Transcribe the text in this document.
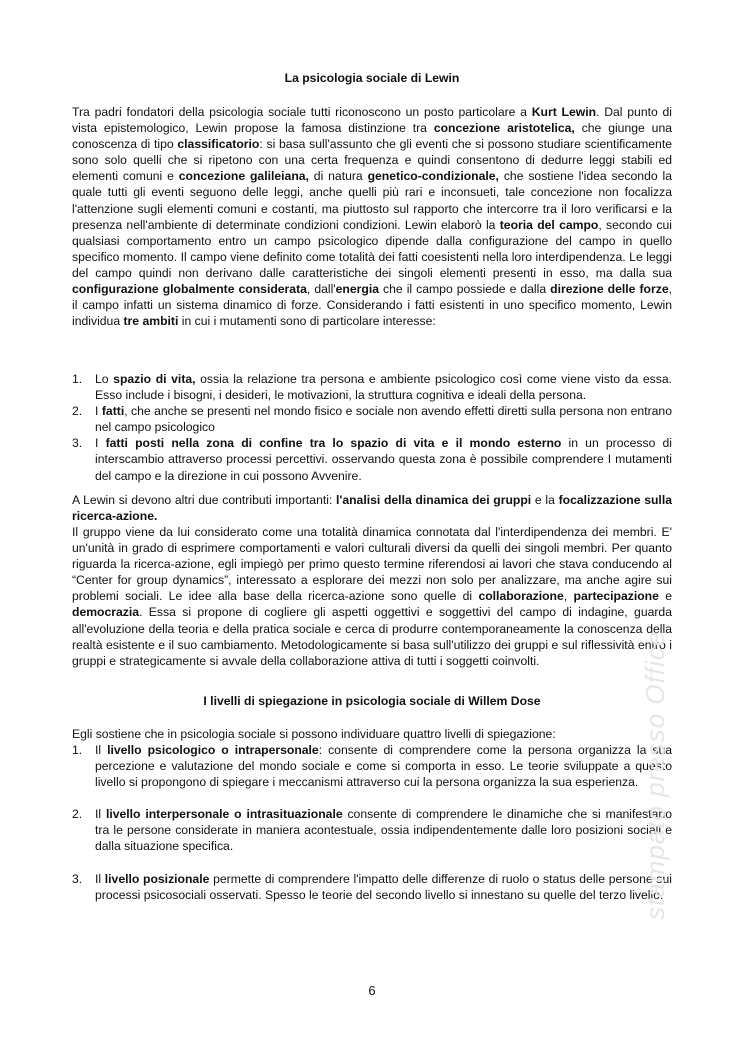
La psicologia sociale di Lewin
Tra padri fondatori della psicologia sociale tutti riconoscono un posto particolare a Kurt Lewin. Dal punto di vista epistemologico, Lewin propose la famosa distinzione tra concezione aristotelica, che giunge una conoscenza di tipo classificatorio: si basa sull'assunto che gli eventi che si possono studiare scientificamente sono solo quelli che si ripetono con una certa frequenza e quindi consentono di dedurre leggi stabili ed elementi comuni e concezione galileiana, di natura genetico-condizionale, che sostiene l'idea secondo la quale tutti gli eventi seguono delle leggi, anche quelli più rari e inconsueti, tale concezione non focalizza l'attenzione sugli elementi comuni e costanti, ma piuttosto sul rapporto che intercorre tra il loro verificarsi e la presenza nell'ambiente di determinate condizioni condizioni. Lewin elaborò la teoria del campo, secondo cui qualsiasi comportamento entro un campo psicologico dipende dalla configurazione del campo in quello specifico momento. Il campo viene definito come totalità dei fatti coesistenti nella loro interdipendenza. Le leggi del campo quindi non derivano dalle caratteristiche dei singoli elementi presenti in esso, ma dalla sua configurazione globalmente considerata, dall'energia che il campo possiede e dalla direzione delle forze, il campo infatti un sistema dinamico di forze. Considerando i fatti esistenti in uno specifico momento, Lewin individua tre ambiti in cui i mutamenti sono di particolare interesse:
1. Lo spazio di vita, ossia la relazione tra persona e ambiente psicologico così come viene visto da essa. Esso include i bisogni, i desideri, le motivazioni, la struttura cognitiva e ideali della persona.
2. I fatti, che anche se presenti nel mondo fisico e sociale non avendo effetti diretti sulla persona non entrano nel campo psicologico
3. I fatti posti nella zona di confine tra lo spazio di vita e il mondo esterno in un processo di interscambio attraverso processi percettivi. osservando questa zona è possibile comprendere I mutamenti del campo e la direzione in cui possono Avvenire.
A Lewin si devono altri due contributi importanti: l'analisi della dinamica dei gruppi e la focalizzazione sulla ricerca-azione.
Il gruppo viene da lui considerato come una totalità dinamica connotata dal l'interdipendenza dei membri. E' un'unità in grado di esprimere comportamenti e valori culturali diversi da quelli dei singoli membri. Per quanto riguarda la ricerca-azione, egli impiegò per primo questo termine riferendosi ai lavori che stava conducendo al “Center for group dynamics”, interessato a esplorare dei mezzi non solo per analizzare, ma anche agire sui problemi sociali. Le idee alla base della ricerca-azione sono quelle di collaborazione, partecipazione e democrazia. Essa si propone di cogliere gli aspetti oggettivi e soggettivi del campo di indagine, guarda all'evoluzione della teoria e della pratica sociale e cerca di produrre contemporaneamente la conoscenza della realtà esistente e il suo cambiamento. Metodologicamente si basa sull'utilizzo dei gruppi e sul riflessività entro i gruppi e strategicamente si avvale della collaborazione attiva di tutti i soggetti coinvolti.
I livelli di spiegazione in psicologia sociale di Willem Dose
Egli sostiene che in psicologia sociale si possono individuare quattro livelli di spiegazione:
1. Il livello psicologico o intrapersonale: consente di comprendere come la persona organizza la sua percezione e valutazione del mondo sociale e come si comporta in esso. Le teorie sviluppate a questo livello si propongono di spiegare i meccanismi attraverso cui la persona organizza la sua esperienza.
2. Il livello interpersonale o intrasituazionale consente di comprendere le dinamiche che si manifestano tra le persone considerate in maniera acontestuale, ossia indipendentemente dalle loro posizioni sociali e dalla situazione specifica.
3. Il livello posizionale permette di comprendere l'impatto delle differenze di ruolo o status delle persone sui processi psicosociali osservati. Spesso le teorie del secondo livello si innestano su quelle del terzo livello.
stampato presso Office
6
